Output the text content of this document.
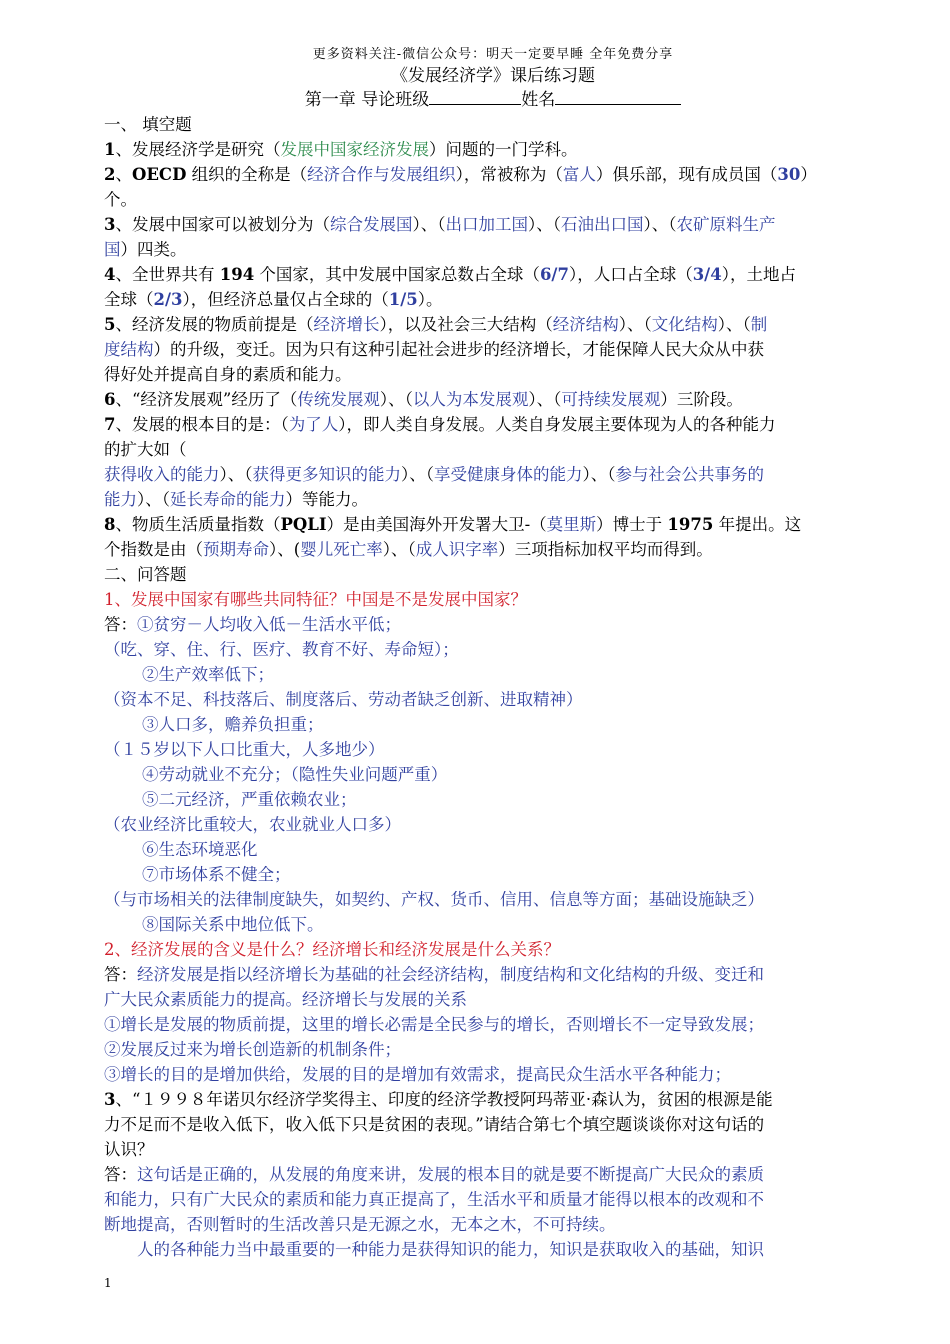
更多资料关注-微信公众号：明天一定要早睡 全年免费分享
《发展经济学》课后练习题
第一章 导论班级	姓名
一、 填空题
1、发展经济学是研究（发展中国家经济发展）问题的一门学科。
2、OECD 组织的全称是（经济合作与发展组织），常被称为（富人）俱乐部，现有成员国（30）
个。
3、发展中国家可以被划分为（综合发展国）、（出口加工国）、（石油出口国）、（农矿原料生产
国）四类。
4、全世界共有 194 个国家，其中发展中国家总数占全球（6/7），人口占全球（3/4），土地占
全球（2/3），但经济总量仅占全球的（1/5）。
5、经济发展的物质前提是（经济增长），以及社会三大结构（经济结构）、（文化结构）、（制
度结构）的升级，变迁。因为只有这种引起社会进步的经济增长，才能保障人民大众从中获
得好处并提高自身的素质和能力。
6、“经济发展观”经历了（传统发展观）、（以人为本发展观）、（可持续发展观）三阶段。
7、发展的根本目的是：（为了人），即人类自身发展。人类自身发展主要体现为人的各种能力
的扩大如（
获得收入的能力）、（获得更多知识的能力）、（享受健康身体的能力）、（参与社会公共事务的
能力）、（延长寿命的能力）等能力。
8、物质生活质量指数（PQLI）是由美国海外开发署大卫-（莫里斯）博士于 1975 年提出。这
个指数是由（预期寿命）、(婴儿死亡率）、（成人识字率）三项指标加权平均而得到。
二、问答题
1、发展中国家有哪些共同特征？中国是不是发展中国家？
答：①贫穷－人均收入低－生活水平低；
（吃、穿、住、行、医疗、教育不好、寿命短）；
②生产效率低下；
（资本不足、科技落后、制度落后、劳动者缺乏创新、进取精神）
③人口多，赡养负担重；
（１５岁以下人口比重大，人多地少）
④劳动就业不充分；（隐性失业问题严重）
⑤二元经济，严重依赖农业；
（农业经济比重较大，农业就业人口多）
⑥生态环境恶化
⑦市场体系不健全；
（与市场相关的法律制度缺失，如契约、产权、货币、信用、信息等方面；基础设施缺乏）
⑧国际关系中地位低下。
2、经济发展的含义是什么？经济增长和经济发展是什么关系？
答：经济发展是指以经济增长为基础的社会经济结构，制度结构和文化结构的升级、变迁和
广大民众素质能力的提高。经济增长与发展的关系
①增长是发展的物质前提，这里的增长必需是全民参与的增长，否则增长不一定导致发展；
②发展反过来为增长创造新的机制条件；
③增长的目的是增加供给，发展的目的是增加有效需求，提高民众生活水平各种能力；
3、“１９９８年诺贝尔经济学奖得主、印度的经济学教授阿玛蒂亚·森认为，贫困的根源是能
力不足而不是收入低下，收入低下只是贫困的表现。”请结合第七个填空题谈谈你对这句话的
认识？
答：这句话是正确的，从发展的角度来讲，发展的根本目的就是要不断提高广大民众的素质
和能力，只有广大民众的素质和能力真正提高了，生活水平和质量才能得以根本的改观和不
断地提高，否则暂时的生活改善只是无源之水，无本之木，不可持续。
人的各种能力当中最重要的一种能力是获得知识的能力，知识是获取收入的基础，知识
1
